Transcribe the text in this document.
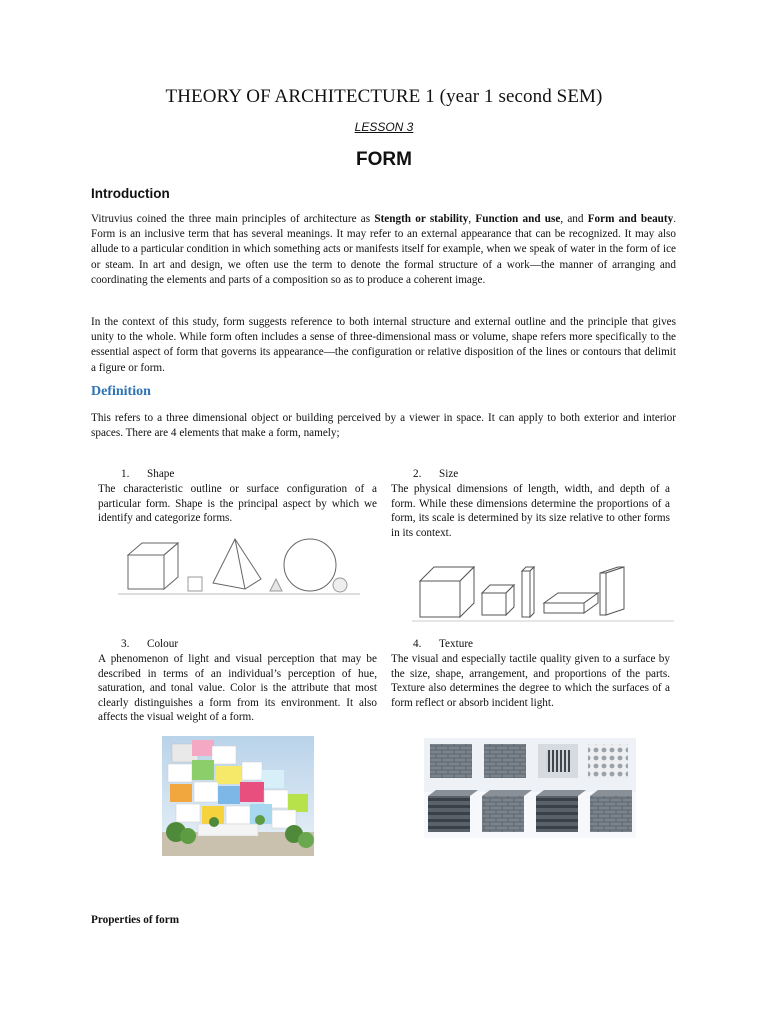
THEORY OF ARCHITECTURE 1 (year 1 second SEM)
LESSON 3
FORM
Introduction

Vitruvius coined the three main principles of architecture as Stength or stability, Function and use, and Form and beauty. Form is an inclusive term that has several meanings. It may refer to an external appearance that can be recognized. It may also allude to a particular condition in which something acts or manifests itself for example, when we speak of water in the form of ice or steam. In art and design, we often use the term to denote the formal structure of a work—the manner of arranging and coordinating the elements and parts of a composition so as to produce a coherent image.

In the context of this study, form suggests reference to both internal structure and external outline and the principle that gives unity to the whole. While form often includes a sense of three-dimensional mass or volume, shape refers more specifically to the essential aspect of form that governs its appearance—the configuration or relative disposition of the lines or contours that delimit a figure or form.

Definition

This refers to a three dimensional object or building perceived by a viewer in space. It can apply to both exterior and interior spaces. There are 4 elements that make a form, namely;

1. Shape

The characteristic outline or surface configuration of a particular form. Shape is the principal aspect by which we identify and categorize forms.

2. Size

The physical dimensions of length, width, and depth of a form. While these dimensions determine the proportions of a form, its scale is determined by its size relative to other forms in its context.

3. Colour

A phenomenon of light and visual perception that may be described in terms of an individual’s perception of hue, saturation, and tonal value. Color is the attribute that most clearly distinguishes a form from its environment. It also affects the visual weight of a form.

4. Texture

The visual and especially tactile quality given to a surface by the size, shape, arrangement, and proportions of the parts. Texture also determines the degree to which the surfaces of a form reflect or absorb incident light.

Properties of form
